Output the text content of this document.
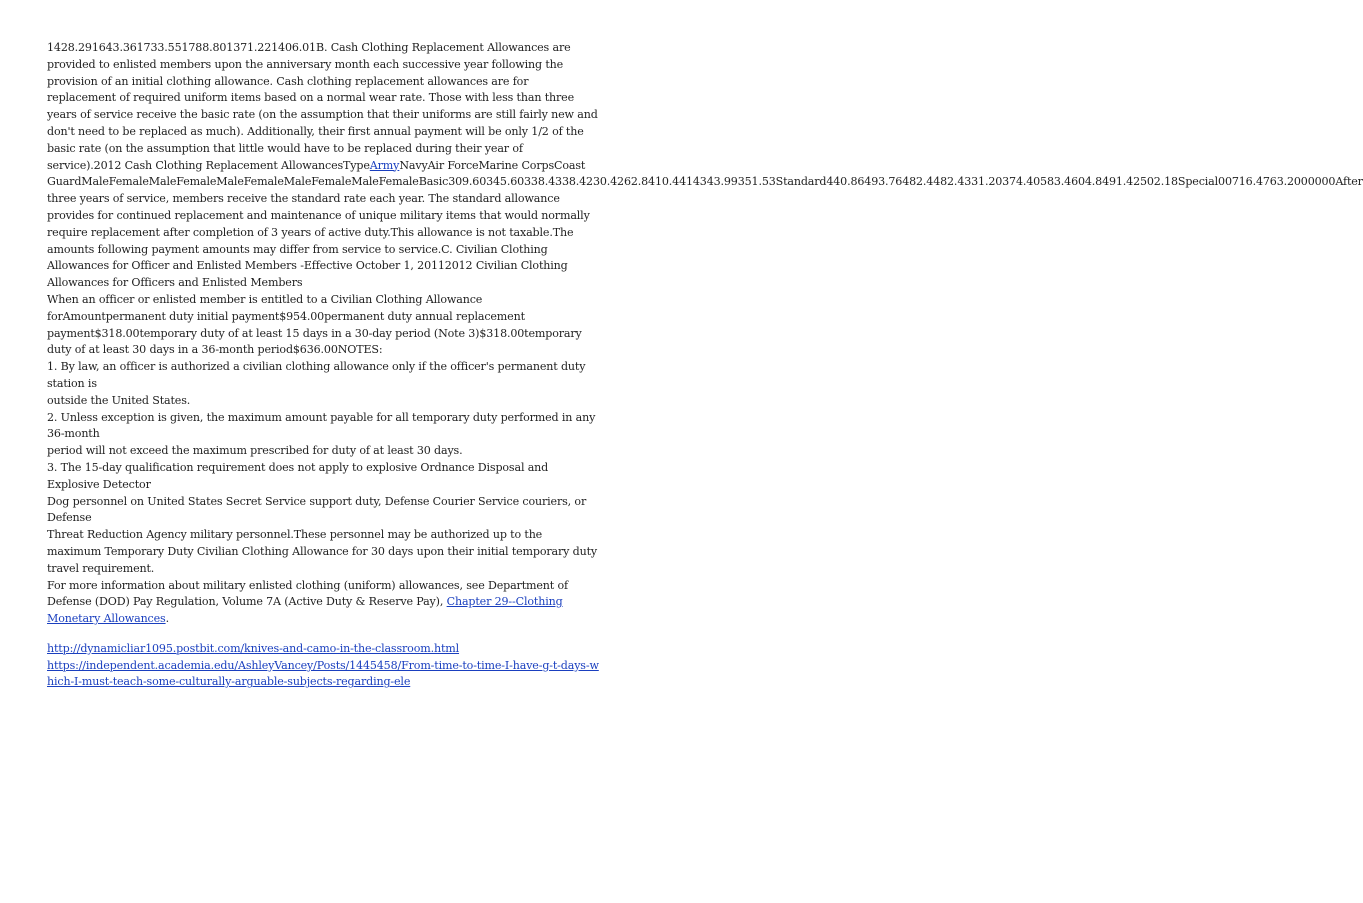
1428.291643.361733.551788.801371.221406.01B. Cash Clothing Replacement Allowances are provided to enlisted members upon the anniversary month each successive year following the provision of an initial clothing allowance. Cash clothing replacement allowances are for replacement of required uniform items based on a normal wear rate. Those with less than three years of service receive the basic rate (on the assumption that their uniforms are still fairly new and don't need to be replaced as much). Additionally, their first annual payment will be only 1/2 of the basic rate (on the assumption that little would have to be replaced during their year of service).2012 Cash Clothing Replacement AllowancesTypeArmyNavyAir ForceMarine CorpsCoast GuardMaleFemaleMaleFemaleMaleFemaleMaleFemaleMaleFemaleBasic309.60345.60338.4338.4230.4262.8410.4414343.99351.53Standard440.86493.76482.4482.4331.20374.40583.4604.8491.42502.18Special00716.4763.2000000After three years of service, members receive the standard rate each year. The standard allowance provides for continued replacement and maintenance of unique military items that would normally require replacement after completion of 3 years of active duty.This allowance is not taxable.The amounts following payment amounts may differ from service to service.C. Civilian Clothing Allowances for Officer and Enlisted Members -Effective October 1, 20112012 Civilian Clothing Allowances for Officers and Enlisted Members

When an officer or enlisted member is entitled to a Civilian Clothing Allowance

forAmountpermanent duty initial payment$954.00permanent duty annual replacement payment$318.00temporary duty of at least 15 days in a 30-day period (Note 3)$318.00temporary duty of at least 30 days in a 36-month period$636.00NOTES:

1. By law, an officer is authorized a civilian clothing allowance only if the officer's permanent duty station is

outside the United States.

2. Unless exception is given, the maximum amount payable for all temporary duty performed in any 36-month

period will not exceed the maximum prescribed for duty of at least 30 days.

3. The 15-day qualification requirement does not apply to explosive Ordnance Disposal and Explosive Detector

Dog personnel on United States Secret Service support duty, Defense Courier Service couriers, or Defense

Threat Reduction Agency military personnel.These personnel may be authorized up to the maximum Temporary Duty Civilian Clothing Allowance for 30 days upon their initial temporary duty travel requirement.

For more information about military enlisted clothing (uniform) allowances, see Department of Defense (DOD) Pay Regulation, Volume 7A (Active Duty & Reserve Pay), Chapter 29--Clothing Monetary Allowances.

http://dynamicliar1095.postbit.com/knives-and-camo-in-the-classroom.html
https://independent.academia.edu/AshleyVancey/Posts/1445458/From-time-to-time-I-have-g-t-days-which-I-must-teach-some-culturally-arguable-subjects-regarding-ele
